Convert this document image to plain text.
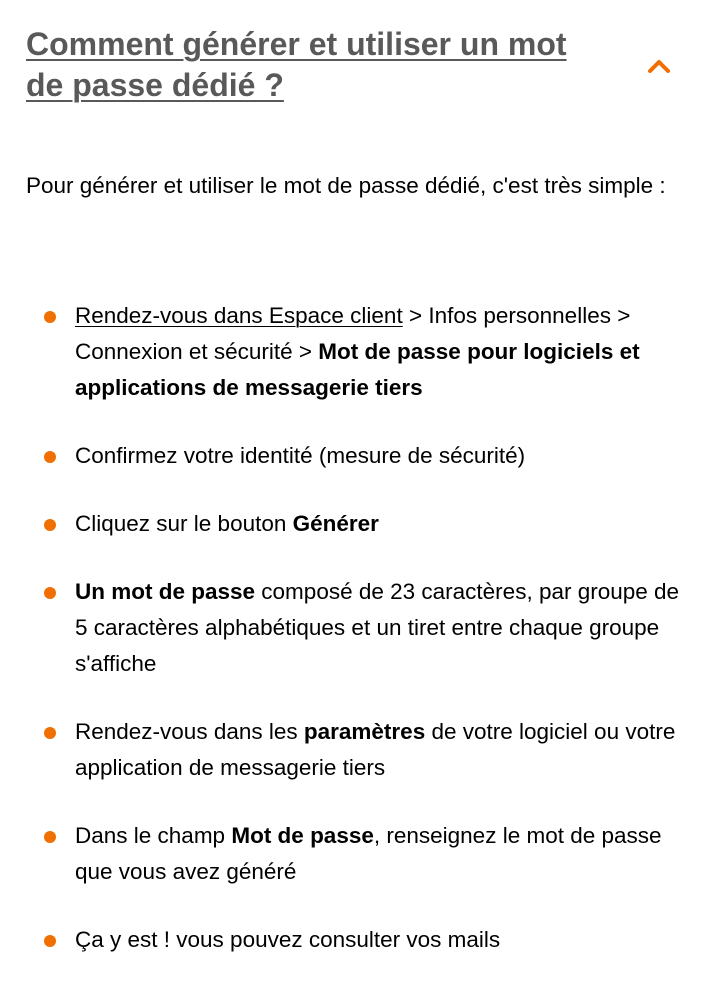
Comment générer et utiliser un mot de passe dédié ?

Pour générer et utiliser le mot de passe dédié, c'est très simple :

Rendez-vous dans Espace client > Infos personnelles > Connexion et sécurité > Mot de passe pour logiciels et applications de messagerie tiers
Confirmez votre identité (mesure de sécurité)
Cliquez sur le bouton Générer
Un mot de passe composé de 23 caractères, par groupe de 5 caractères alphabétiques et un tiret entre chaque groupe s'affiche
Rendez-vous dans les paramètres de votre logiciel ou votre application de messagerie tiers
Dans le champ Mot de passe, renseignez le mot de passe que vous avez généré
Ça y est ! vous pouvez consulter vos mails
